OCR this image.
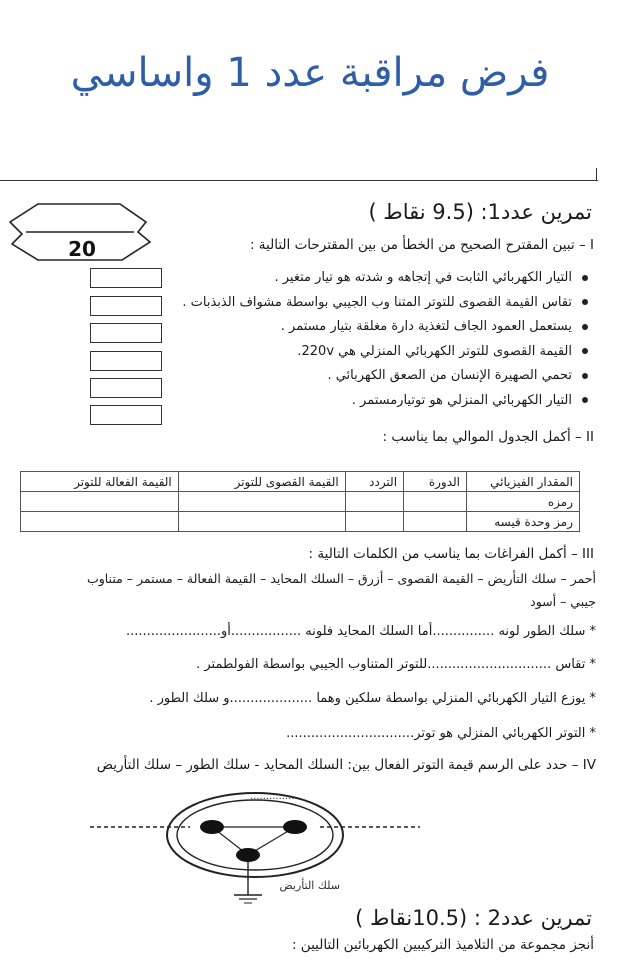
فرض مراقبة عدد 1 واساسي
20
تمرين عدد1: (9.5 نقاط )
I – تبين المقترح الصحيح من الخطأ من بين المقترحات التالية :
التيار الكهربائي الثابت في إتجاهه و شدته هو تيار متغير .
تقاس القيمة القصوى للتوتر المتنا وب الجيبي بواسطة مشواف الذبذبات .
يستعمل العمود الجاف لتغذية دارة مغلقة بتيار مستمر .
القيمة القصوى للتوتر الكهربائي المنزلي هي 220v.
تحمي الصهيرة الإنسان من الصعق الكهربائي .
التيار الكهربائي المنزلي هو توتيارمستمر .
II – أكمل الجدول الموالي بما يناسب :
المقدار الفيزيائي	الدورة	التردد	القيمة القصوى للتوتر	القيمة الفعالة للتوتر
رمزه				
رمز وحدة قيسه				
III – أكمل الفراغات بما يناسب من الكلمات التالية :
أحمر – سلك التأريض – القيمة القصوى – أزرق – السلك المحايد – القيمة الفعالة – مستمر – متناوب
جيبي – أسود
* سلك الطور لونه ...............أما السلك المحايد فلونه .................أو.......................
* تقاس ..............................للتوتر المتناوب الجيبي بواسطة الفولطمتر .
* يوزع التيار الكهربائي المنزلي بواسطة سلكين وهما ....................و سلك الطور .
* التوتر الكهربائي المنزلي هو توتر...............................
IV – حدد على الرسم قيمة التوتر الفعال بين: السلك المحايد - سلك الطور – سلك التأريض
..............
سلك التأريض
تمرين عدد2 : (10.5نقاط )
أنجز مجموعة من التلاميذ التركيبين الكهربائين التاليين :
